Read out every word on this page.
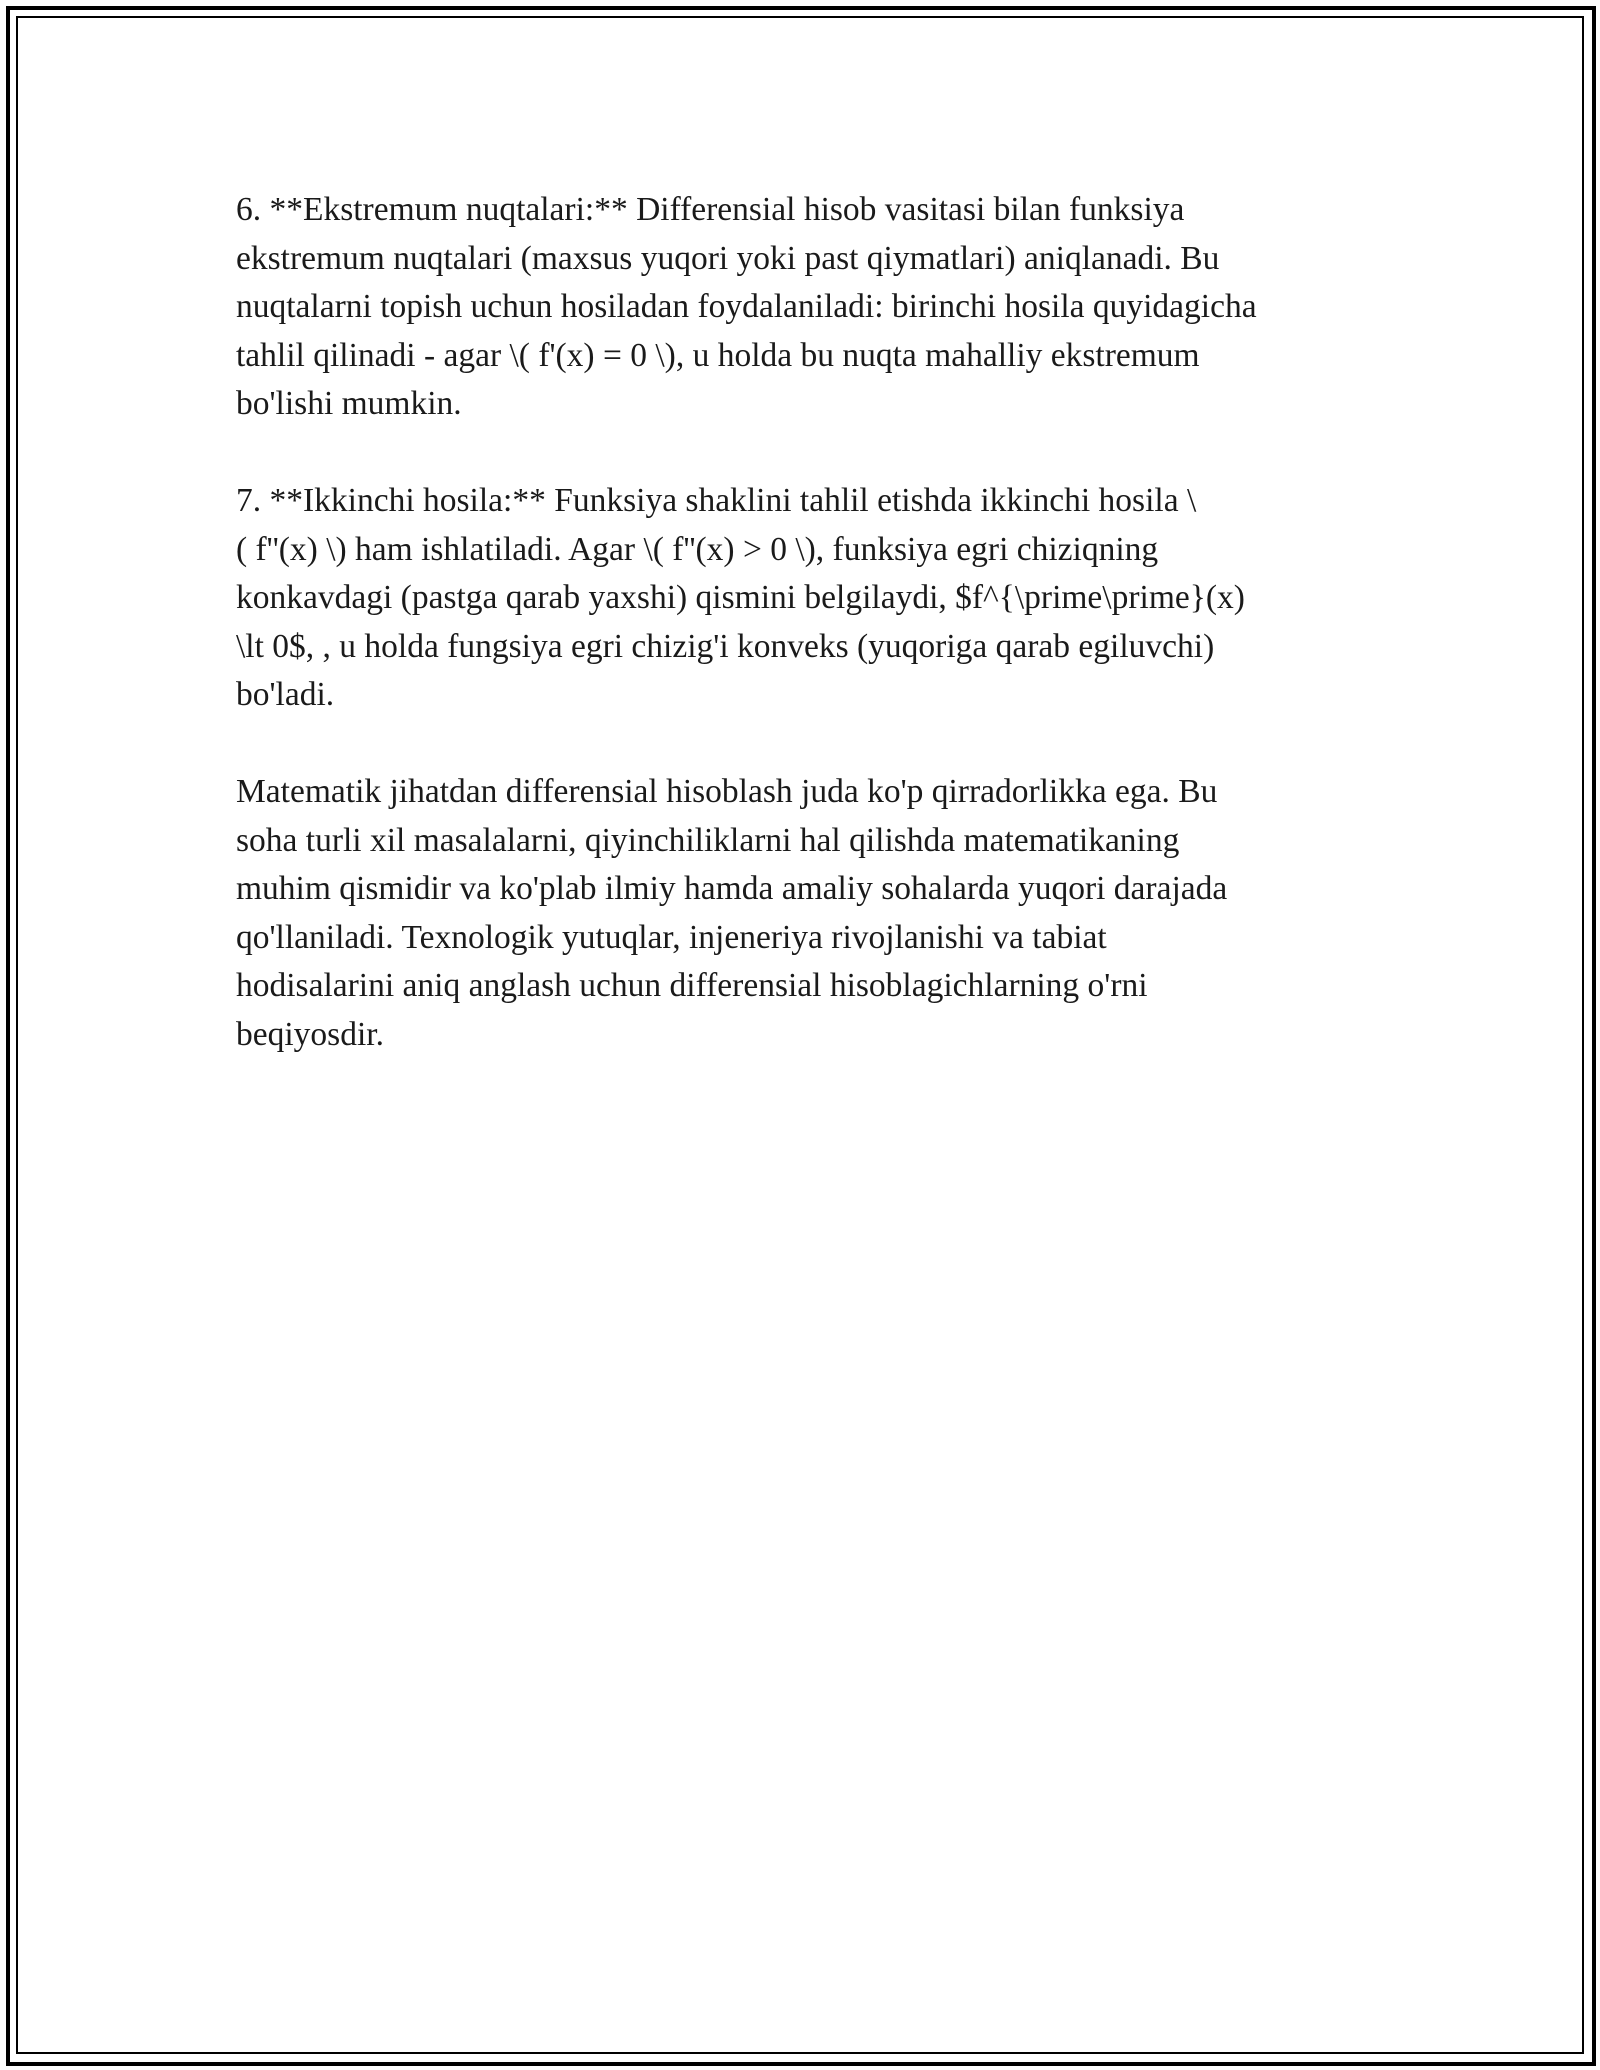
6. **Ekstremum nuqtalari:** Differensial hisob vasitasi bilan funksiya
ekstremum nuqtalari (maxsus yuqori yoki past qiymatlari) aniqlanadi. Bu
nuqtalarni topish uchun hosiladan foydalaniladi: birinchi hosila quyidagicha
tahlil qilinadi - agar \( f'(x) = 0 \), u holda bu nuqta mahalliy ekstremum
bo'lishi mumkin.

7. **Ikkinchi hosila:** Funksiya shaklini tahlil etishda ikkinchi hosila \
( f''(x) \) ham ishlatiladi. Agar \( f''(x) > 0 \), funksiya egri chiziqning
konkavdagi (pastga qarab yaxshi) qismini belgilaydi, $f^{\prime\prime}(x)
\lt 0$, , u holda fungsiya egri chizig'i konveks (yuqoriga qarab egiluvchi)
bo'ladi.

Matematik jihatdan differensial hisoblash juda ko'p qirradorlikka ega. Bu
soha turli xil masalalarni, qiyinchiliklarni hal qilishda matematikaning
muhim qismidir va ko'plab ilmiy hamda amaliy sohalarda yuqori darajada
qo'llaniladi. Texnologik yutuqlar, injeneriya rivojlanishi va tabiat
hodisalarini aniq anglash uchun differensial hisoblagichlarning o'rni
beqiyosdir.
